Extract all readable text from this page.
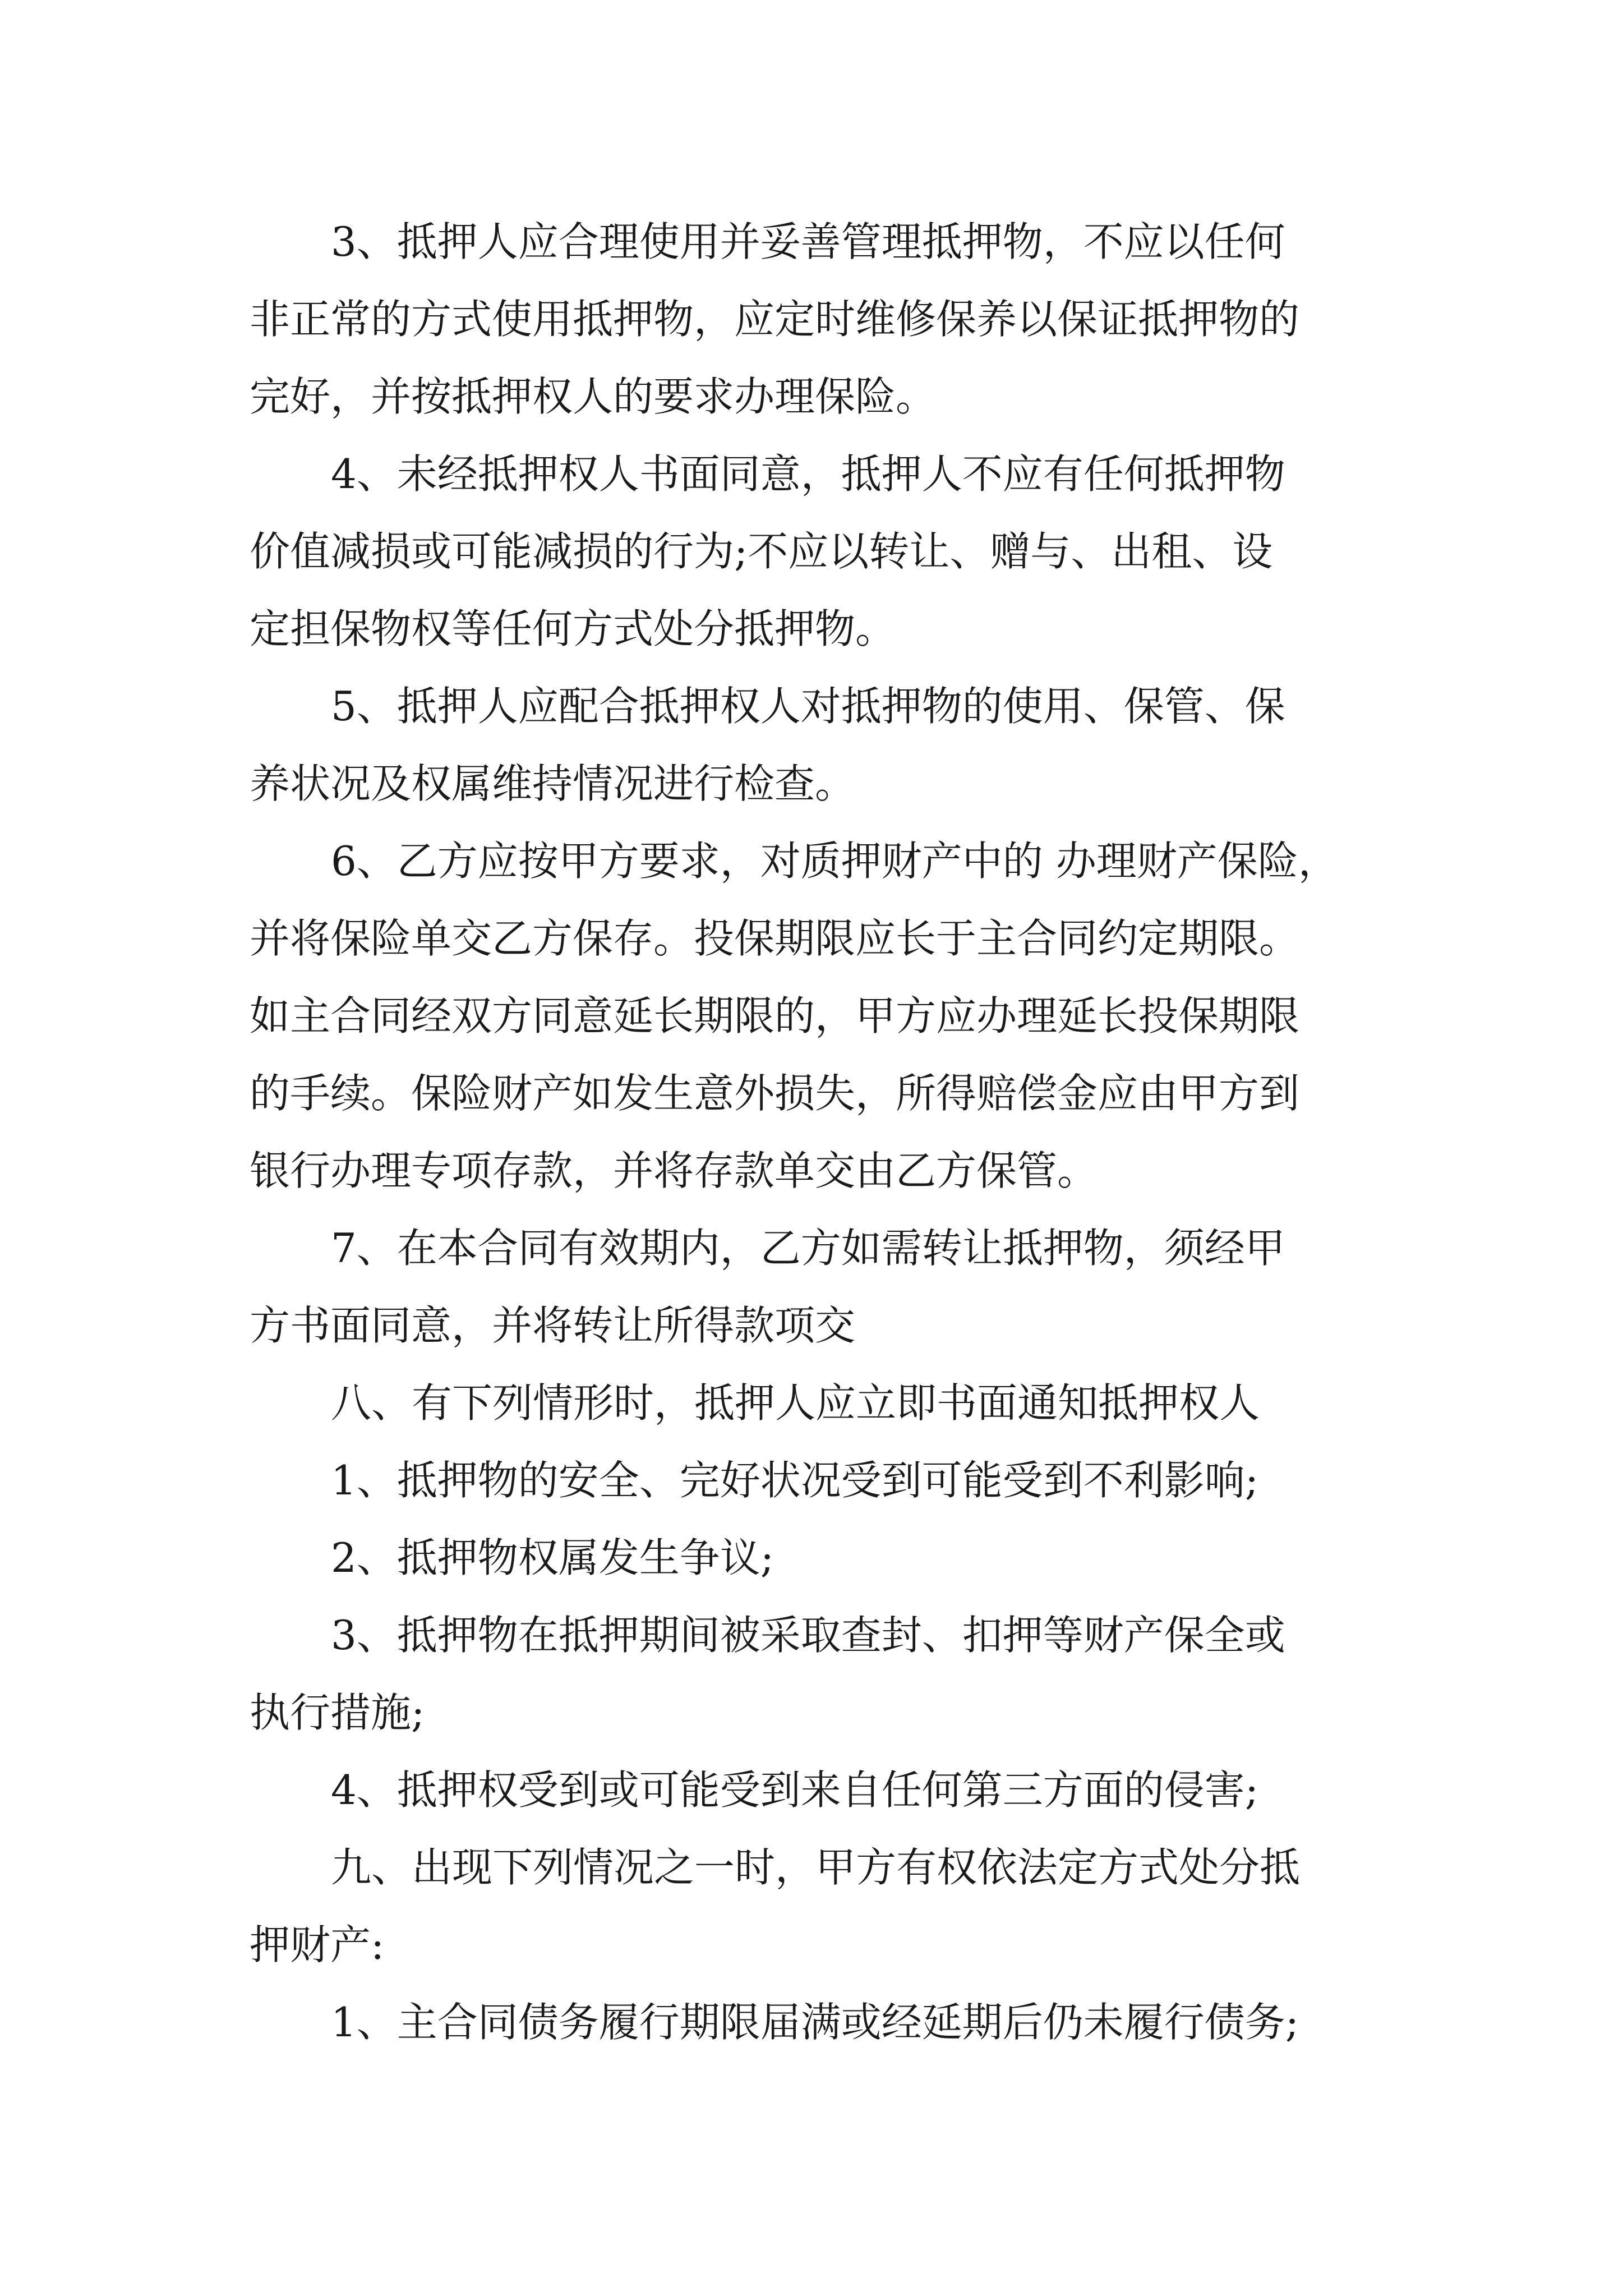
3、抵押人应合理使用并妥善管理抵押物，不应以任何

非正常的方式使用抵押物，应定时维修保养以保证抵押物的

完好，并按抵押权人的要求办理保险。

4、未经抵押权人书面同意，抵押人不应有任何抵押物

价值减损或可能减损的行为;不应以转让、赠与、出租、设

定担保物权等任何方式处分抵押物。

5、抵押人应配合抵押权人对抵押物的使用、保管、保

养状况及权属维持情况进行检查。

6、乙方应按甲方要求，对质押财产中的 办理财产保险，

并将保险单交乙方保存。投保期限应长于主合同约定期限。

如主合同经双方同意延长期限的，甲方应办理延长投保期限

的手续。保险财产如发生意外损失，所得赔偿金应由甲方到

银行办理专项存款，并将存款单交由乙方保管。

7、在本合同有效期内，乙方如需转让抵押物，须经甲

方书面同意，并将转让所得款项交

八、有下列情形时，抵押人应立即书面通知抵押权人

1、抵押物的安全、完好状况受到可能受到不利影响;

2、抵押物权属发生争议;

3、抵押物在抵押期间被采取查封、扣押等财产保全或

执行措施;

4、抵押权受到或可能受到来自任何第三方面的侵害;

九、出现下列情况之一时，甲方有权依法定方式处分抵

押财产:

1、主合同债务履行期限届满或经延期后仍未履行债务;
